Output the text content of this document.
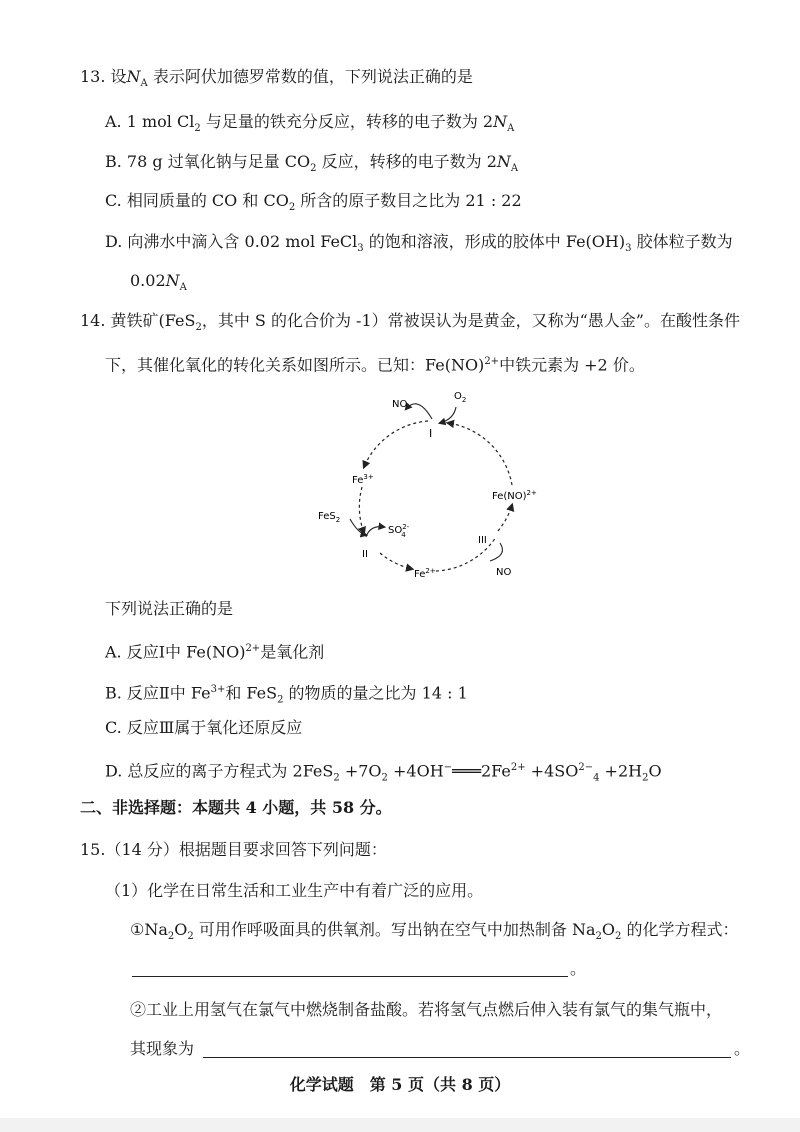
13. 设$N_A$ 表示阿伏加德罗常数的值，下列说法正确的是
A. 1 mol $Cl_2$ 与足量的铁充分反应，转移的电子数为 $2N_A$
B. 78 g 过氧化钠与足量 $CO_2$ 反应，转移的电子数为 $2N_A$
C. 相同质量的 CO 和 $CO_2$ 所含的原子数目之比为 21 : 22
D. 向沸水中滴入含 0.02 mol FeCl$_3$ 的饱和溶液，形成的胶体中 $Fe(OH)_3$ 胶体粒子数为
$0.02N_A$
14. 黄铁矿(FeS$_2$，其中 S 的化合价为 -1）常被误认为是黄金，又称为“愚人金”。在酸性条件
下，其催化氧化的转化关系如图所示。已知：Fe(NO)$^{2+}$中铁元素为 +2 价。
NO
$O_2$
I
$Fe^{3+}$
Fe(NO)$^{2+}$
FeS$_2$
$SO^{2-}4$
II
III
$Fe^{2+}$	NO
下列说法正确的是
A. 反应Ⅰ中 Fe(NO)$^{2+}$是氧化剂
B. 反应Ⅱ中 $Fe^{3+}$和 FeS$_2$ 的物质的量之比为 14 : 1
C. 反应Ⅲ属于氧化还原反应
D. 总反应的离子方程式为 $2FeS_2 +7O_2$ $+4OH^-═══2Fe^{2+} +4SO^{2-}_4 +2H_2O$
二、非选择题：本题共 4 小题，共 58 分。
15.（14 分）根据题目要求回答下列问题：
（1）化学在日常生活和工业生产中有着广泛的应用。
$①Na_2O_2$ 可用作呼吸面具的供氧剂。写出钠在空气中加热制备 $Na_2O_2$ 的化学方程式：
。
②工业上用氢气在氯气中燃烧制备盐酸。若将氢气点燃后伸入装有氯气的集气瓶中，
其现象为	。
化学试题　第 5 页（共 8 页）
